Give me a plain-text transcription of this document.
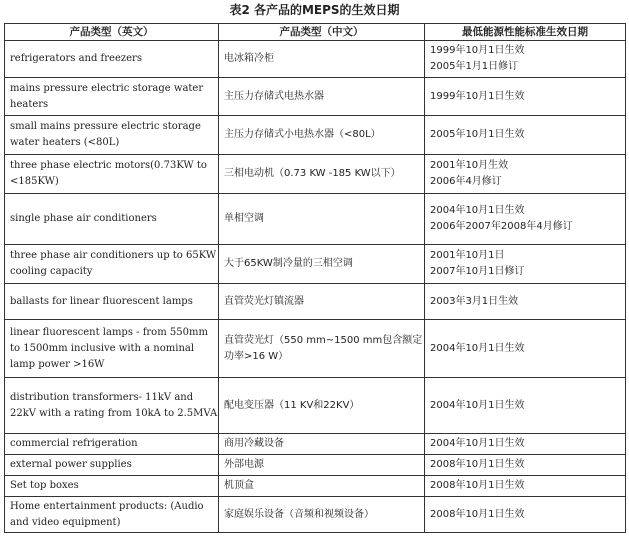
表2 各产品的MEPS的生效日期
产品类型（英文）	产品类型（中文）	最低能源性能标准生效日期
refrigerators and freezers	电冰箱冷柜	1999年10月1日生效
2005年1月1日修订

mains pressure electric storage water heaters	主压力存储式电热水器	1999年10月1日生效

small mains pressure electric storage water heaters (<80L)	主压力存储式小电热水器（<80L）	2005年10月1日生效

three phase electric motors(0.73KW to <185KW)	三相电动机（0.73 KW -185 KW以下）	2001年10月生效
2006年4月修订

single phase air conditioners	单相空调	2004年10月1日生效
2006年2007年2008年4月修订

three phase air conditioners up to 65KW cooling capacity	大于65KW制冷量的三相空调	2001年10月1日
2007年10月1日修订

ballasts for linear fluorescent lamps	直管荧光灯镇流器	2003年3月1日生效

linear fluorescent lamps - from 550mm to 1500mm inclusive with a nominal lamp power >16W	直管荧光灯（550 mm~1500 mm包含额定功率>16 W）	2004年10月1日生效

distribution transformers- 11kV and 22kV with a rating from 10kA to 2.5MVA	配电变压器（11 KV和22KV）	2004年10月1日生效

commercial refrigeration	商用冷藏设备	2004年10月1日生效

external power supplies	外部电源	2008年10月1日生效

Set top boxes	机顶盒	2008年10月1日生效

Home entertainment products: (Audio and video equipment)	家庭娱乐设备（音频和视频设备）	2008年10月1日生效
